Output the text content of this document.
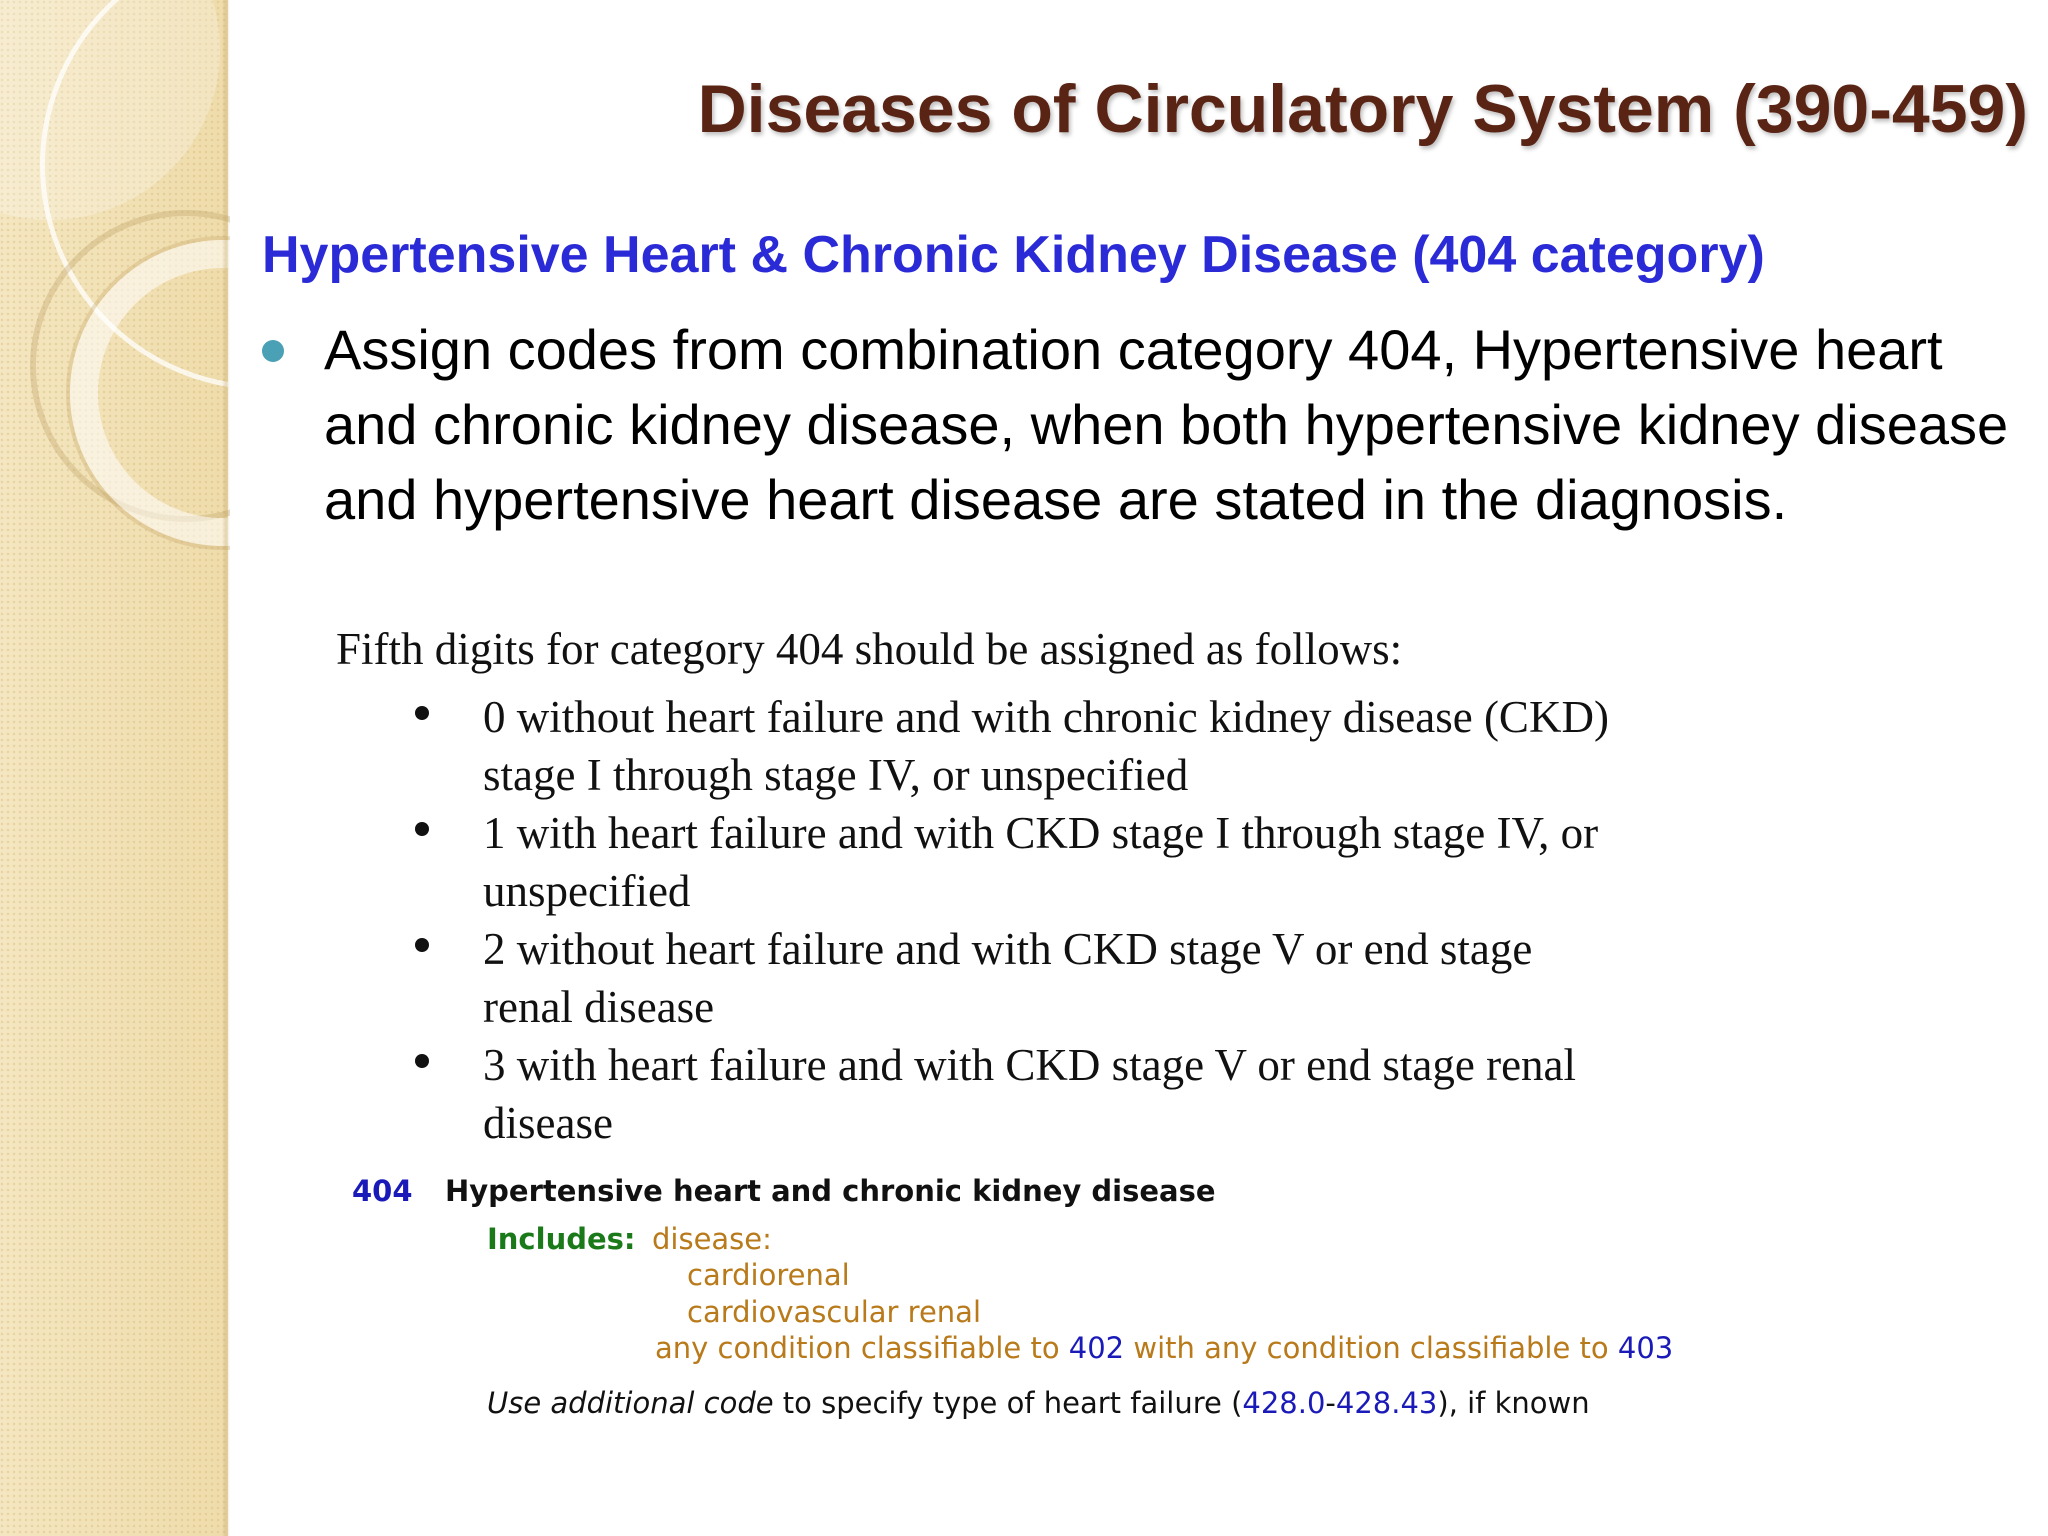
Diseases of Circulatory System (390-459)
Hypertensive Heart & Chronic Kidney Disease (404 category)
Assign codes from combination category 404, Hypertensive heart and chronic kidney disease, when both hypertensive kidney disease and hypertensive heart disease are stated in the diagnosis.
Fifth digits for category 404 should be assigned as follows:
0 without heart failure and with chronic kidney disease (CKD) stage I through stage IV, or unspecified
1 with heart failure and with CKD stage I through stage IV, or unspecified
2 without heart failure and with CKD stage V or end stage renal disease
3 with heart failure and with CKD stage V or end stage renal disease
404 Hypertensive heart and chronic kidney disease
Includes: disease:
cardiorenal
cardiovascular renal
any condition classifiable to 402 with any condition classifiable to 403
Use additional code to specify type of heart failure (428.0-428.43), if known
